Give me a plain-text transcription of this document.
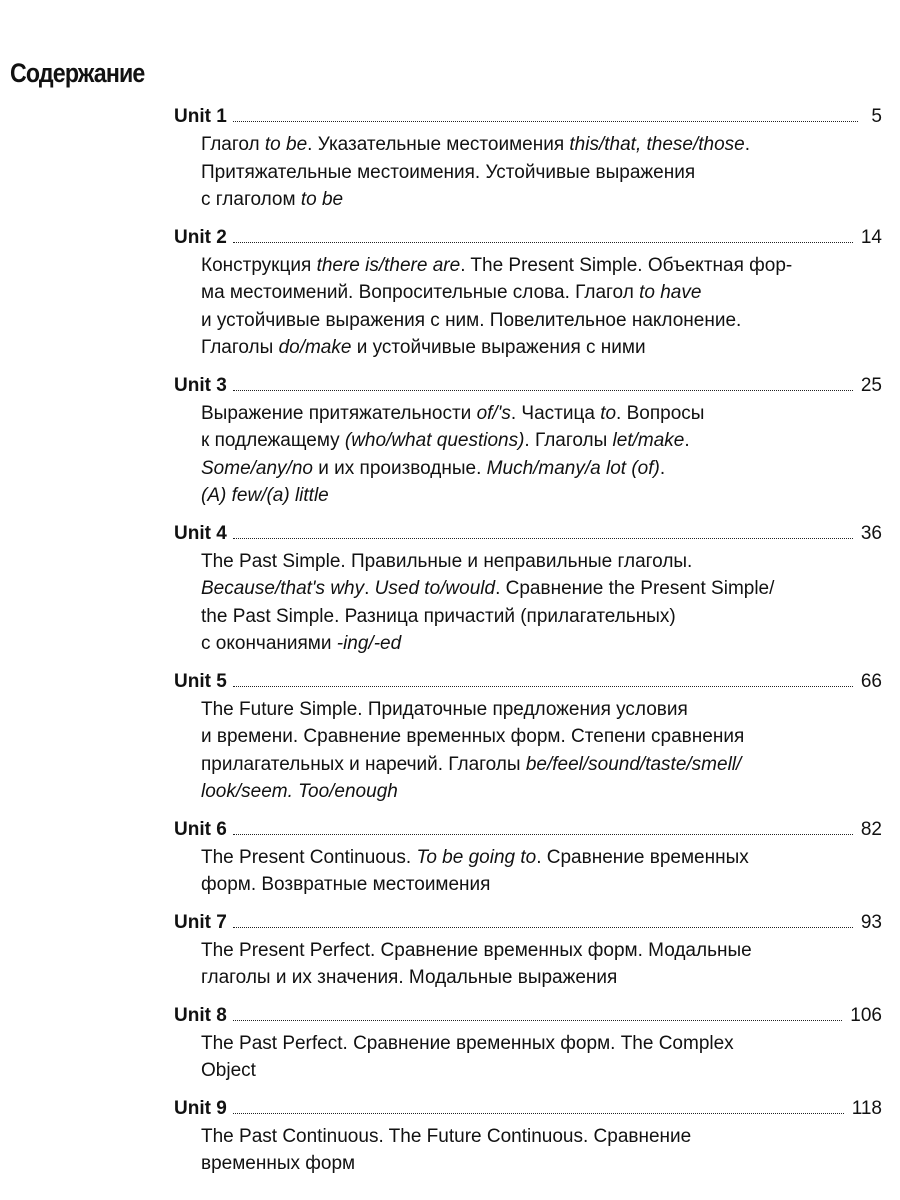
Содержание
Unit 1	5

Глагол to be. Указательные местоимения this/that, these/those.
Притяжательные местоимения. Устойчивые выражения
с глаголом to be

Unit 2	14

Конструкция there is/there are. The Present Simple. Объектная фор-
ма местоимений. Вопросительные слова. Глагол to have
и устойчивые выражения с ним. Повелительное наклонение.
Глаголы do/make и устойчивые выражения с ними

Unit 3	25

Выражение притяжательности of/'s. Частица to. Вопросы
к подлежащему (who/what questions). Глаголы let/make.
Some/any/no и их производные. Much/many/a lot (of).
(A) few/(a) little

Unit 4	36

The Past Simple. Правильные и неправильные глаголы.
Because/that's why. Used to/would. Сравнение the Present Simple/
the Past Simple. Разница причастий (прилагательных)
с окончаниями -ing/-ed

Unit 5	66

The Future Simple. Придаточные предложения условия
и времени. Сравнение временных форм. Степени сравнения
прилагательных и наречий. Глаголы be/feel/sound/taste/smell/
look/seem. Too/enough

Unit 6	82

The Present Continuous. To be going to. Сравнение временных
форм. Возвратные местоимения

Unit 7	93

The Present Perfect. Сравнение временных форм. Модальные
глаголы и их значения. Модальные выражения

Unit 8	106

The Past Perfect. Сравнение временных форм. The Complex
Object

Unit 9	118

The Past Continuous. The Future Continuous. Сравнение
временных форм
